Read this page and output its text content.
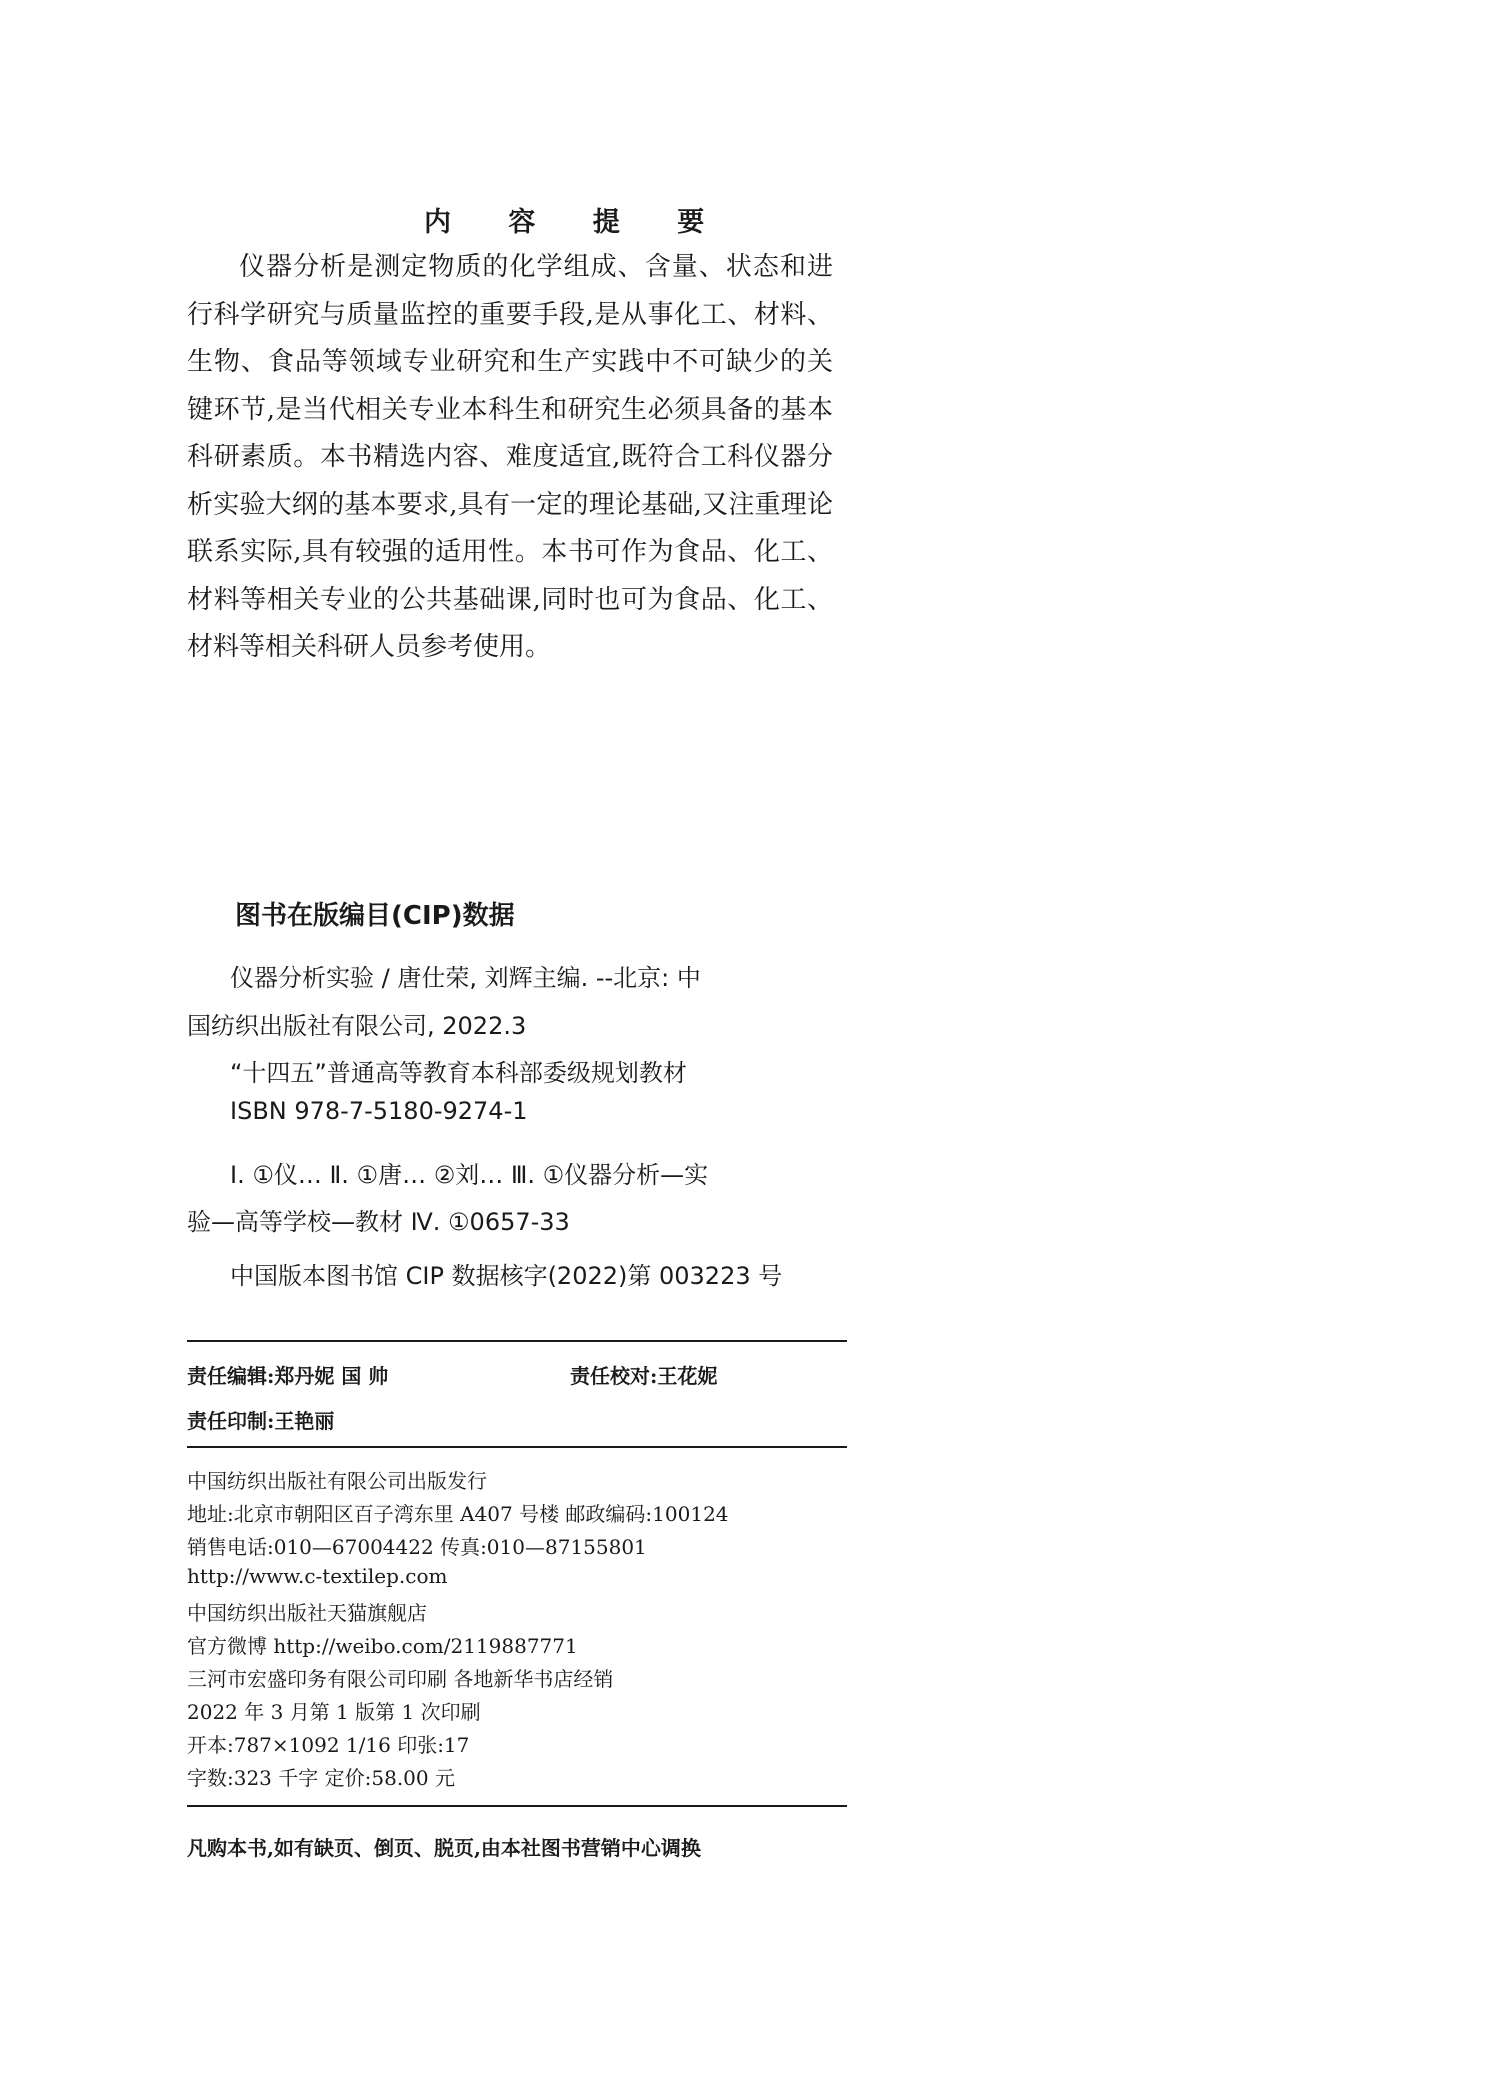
内 容 提 要
仪器分析是测定物质的化学组成、含量、状态和进行科学研究与质量监控的重要手段,是从事化工、材料、生物、食品等领域专业研究和生产实践中不可缺少的关键环节,是当代相关专业本科生和研究生必须具备的基本科研素质。本书精选内容、难度适宜,既符合工科仪器分析实验大纲的基本要求,具有一定的理论基础,又注重理论联系实际,具有较强的适用性。本书可作为食品、化工、材料等相关专业的公共基础课,同时也可为食品、化工、材料等相关科研人员参考使用。
图书在版编目(CIP)数据
仪器分析实验 / 唐仕荣, 刘辉主编. --北京: 中
国纺织出版社有限公司, 2022.3
“十四五”普通高等教育本科部委级规划教材
ISBN 978-7-5180-9274-1
Ⅰ. ①仪… Ⅱ. ①唐… ②刘… Ⅲ. ①仪器分析—实
验—高等学校—教材 Ⅳ. ①0657-33
中国版本图书馆 CIP 数据核字(2022)第 003223 号
责任编辑:郑丹妮 国 帅	责任校对:王花妮
责任印制:王艳丽
中国纺织出版社有限公司出版发行
地址:北京市朝阳区百子湾东里 A407 号楼 邮政编码:100124
销售电话:010—67004422 传真:010—87155801
http://www.c-textilep.com
中国纺织出版社天猫旗舰店
官方微博 http://weibo.com/2119887771
三河市宏盛印务有限公司印刷 各地新华书店经销
2022 年 3 月第 1 版第 1 次印刷
开本:787×1092 1/16 印张:17
字数:323 千字 定价:58.00 元
凡购本书,如有缺页、倒页、脱页,由本社图书营销中心调换
